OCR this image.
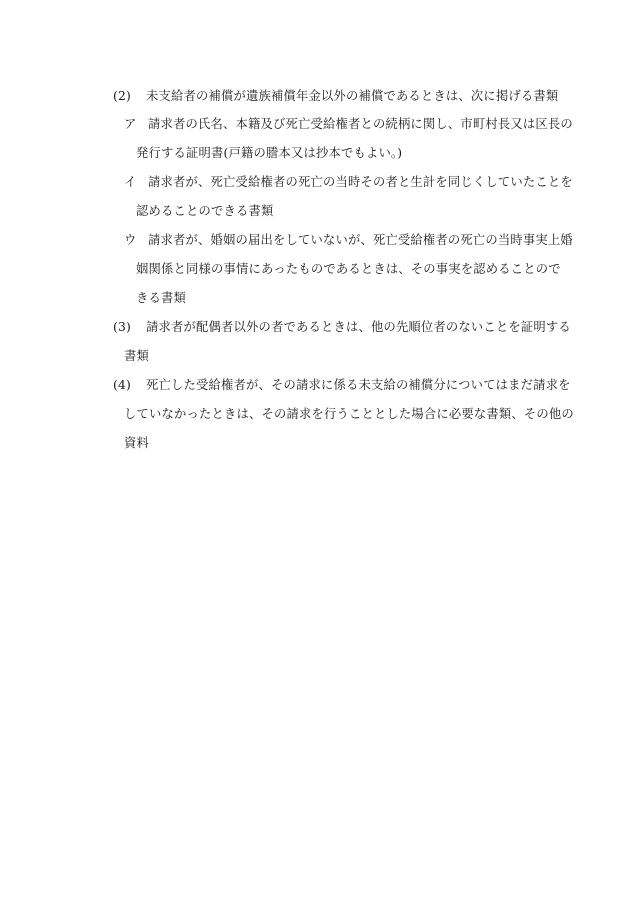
(2) 未支給者の補償が遺族補償年金以外の補償であるときは、次に掲げる書類
ア 請求者の氏名、本籍及び死亡受給権者との続柄に関し、市町村長又は区長の
発行する証明書(戸籍の謄本又は抄本でもよい。)
イ 請求者が、死亡受給権者の死亡の当時その者と生計を同じくしていたことを
認めることのできる書類
ウ 請求者が、婚姻の届出をしていないが、死亡受給権者の死亡の当時事実上婚
姻関係と同様の事情にあったものであるときは、その事実を認めることので
きる書類
(3) 請求者が配偶者以外の者であるときは、他の先順位者のないことを証明する
書類
(4) 死亡した受給権者が、その請求に係る未支給の補償分についてはまだ請求を
していなかったときは、その請求を行うこととした場合に必要な書類、その他の
資料
